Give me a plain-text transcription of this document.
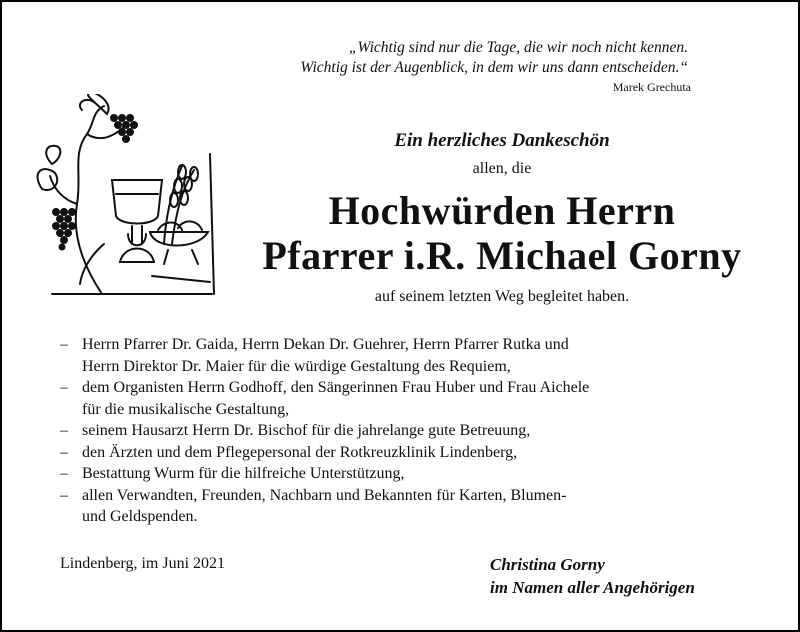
„Wichtig sind nur die Tage, die wir noch nicht kennen.
Wichtig ist der Augenblick, in dem wir uns dann entscheiden.“
Marek Grechuta
Ein herzliches Dankeschön
allen, die
Hochwürden Herrn
Pfarrer i.R. Michael Gorny
auf seinem letzten Weg begleitet haben.
– Herrn Pfarrer Dr. Gaida, Herrn Dekan Dr. Guehrer, Herrn Pfarrer Rutka und
Herrn Direktor Dr. Maier für die würdige Gestaltung des Requiem,
– dem Organisten Herrn Godhoff, den Sängerinnen Frau Huber und Frau Aichele
für die musikalische Gestaltung,
– seinem Hausarzt Herrn Dr. Bischof für die jahrelange gute Betreuung,
– den Ärzten und dem Pflegepersonal der Rotkreuzklinik Lindenberg,
– Bestattung Wurm für die hilfreiche Unterstützung,
– allen Verwandten, Freunden, Nachbarn und Bekannten für Karten, Blumen-
und Geldspenden.
Lindenberg, im Juni 2021	Christina Gorny
im Namen aller Angehörigen
